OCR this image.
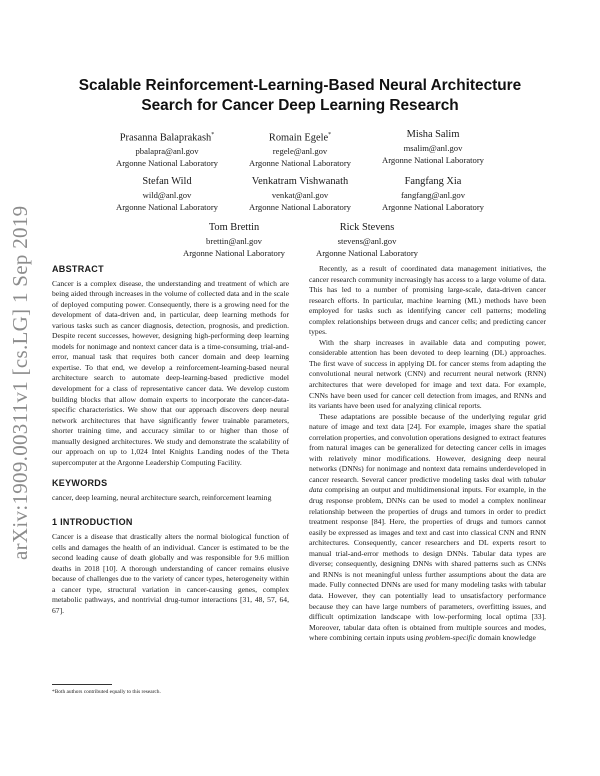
arXiv:1909.00311v1 [cs.LG] 1 Sep 2019
Scalable Reinforcement-Learning-Based Neural Architecture
Search for Cancer Deep Learning Research
Prasanna Balaprakash*
pbalapra@anl.gov
Argonne National Laboratory
Romain Egele*
regele@anl.gov
Argonne National Laboratory
Misha Salim
msalim@anl.gov
Argonne National Laboratory
Stefan Wild
wild@anl.gov
Argonne National Laboratory
Venkatram Vishwanath
venkat@anl.gov
Argonne National Laboratory
Fangfang Xia
fangfang@anl.gov
Argonne National Laboratory
Tom Brettin
brettin@anl.gov
Argonne National Laboratory
Rick Stevens
stevens@anl.gov
Argonne National Laboratory
ABSTRACT

Cancer is a complex disease, the understanding and treatment of which are being aided through increases in the volume of collected data and in the scale of deployed computing power. Consequently, there is a growing need for the development of data-driven and, in particular, deep learning methods for various tasks such as cancer diagnosis, detection, prognosis, and prediction. Despite recent successes, however, designing high-performing deep learning models for nonimage and nontext cancer data is a time-consuming, trial-and-error, manual task that requires both cancer domain and deep learning expertise. To that end, we develop a reinforcement-learning-based neural architecture search to automate deep-learning-based predictive model development for a class of representative cancer data. We develop custom building blocks that allow domain experts to incorporate the cancer-data-specific characteristics. We show that our approach discovers deep neural network architectures that have significantly fewer trainable parameters, shorter training time, and accuracy similar to or higher than those of manually designed architectures. We study and demonstrate the scalability of our approach on up to 1,024 Intel Knights Landing nodes of the Theta supercomputer at the Argonne Leadership Computing Facility.

KEYWORDS

cancer, deep learning, neural architecture search, reinforcement learning

1 INTRODUCTION

Cancer is a disease that drastically alters the normal biological function of cells and damages the health of an individual. Cancer is estimated to be the second leading cause of death globally and was responsible for 9.6 million deaths in 2018 [10]. A thorough understanding of cancer remains elusive because of challenges due to the variety of cancer types, heterogeneity within a cancer type, structural variation in cancer-causing genes, complex metabolic pathways, and nontrivial drug-tumor interactions [31, 48, 57, 64, 67].

*Both authors contributed equally to this research.

Recently, as a result of coordinated data management initiatives, the cancer research community increasingly has access to a large volume of data. This has led to a number of promising large-scale, data-driven cancer research efforts. In particular, machine learning (ML) methods have been employed for tasks such as identifying cancer cell patterns; modeling complex relationships between drugs and cancer cells; and predicting cancer types.

With the sharp increases in available data and computing power, considerable attention has been devoted to deep learning (DL) approaches. The first wave of success in applying DL for cancer stems from adapting the convolutional neural network (CNN) and recurrent neural network (RNN) architectures that were developed for image and text data. For example, CNNs have been used for cancer cell detection from images, and RNNs and its variants have been used for analyzing clinical reports.

These adaptations are possible because of the underlying regular grid nature of image and text data [24]. For example, images share the spatial correlation properties, and convolution operations designed to extract features from natural images can be generalized for detecting cancer cells in images with relatively minor modifications. However, designing deep neural networks (DNNs) for nonimage and nontext data remains underdeveloped in cancer research. Several cancer predictive modeling tasks deal with tabular data comprising an output and multidimensional inputs. For example, in the drug response problem, DNNs can be used to model a complex nonlinear relationship between the properties of drugs and tumors in order to predict treatment response [84]. Here, the properties of drugs and tumors cannot easily be expressed as images and text and cast into classical CNN and RNN architectures. Consequently, cancer researchers and DL experts resort to manual trial-and-error methods to design DNNs. Tabular data types are diverse; consequently, designing DNNs with shared patterns such as CNNs and RNNs is not meaningful unless further assumptions about the data are made. Fully connected DNNs are used for many modeling tasks with tabular data. However, they can potentially lead to unsatisfactory performance because they can have large numbers of parameters, overfitting issues, and difficult optimization landscape with low-performing local optima [33]. Moreover, tabular data often is obtained from multiple sources and modes, where combining certain inputs using problem-specific domain knowledge
